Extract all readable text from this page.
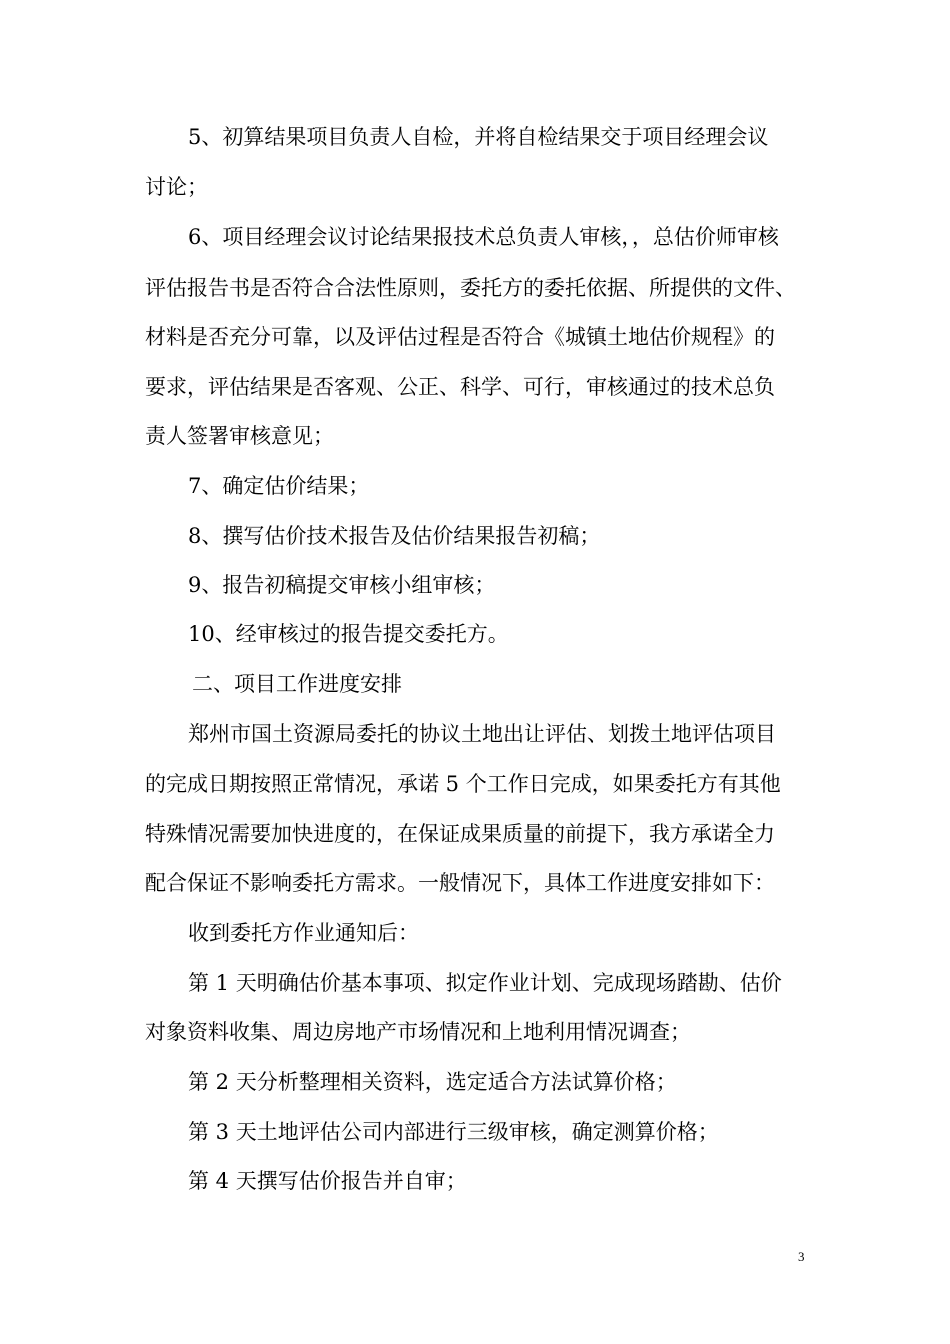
5、初算结果项目负责人自检，并将自检结果交于项目经理会议
讨论；
6、项目经理会议讨论结果报技术总负责人审核，，总估价师审核
评估报告书是否符合合法性原则，委托方的委托依据、所提供的文件、
材料是否充分可靠，以及评估过程是否符合《城镇土地估价规程》的
要求，评估结果是否客观、公正、科学、可行，审核通过的技术总负
责人签署审核意见；
7、确定估价结果；
8、撰写估价技术报告及估价结果报告初稿；
9、报告初稿提交审核小组审核；
10、经审核过的报告提交委托方。
二、项目工作进度安排
郑州市国土资源局委托的协议土地出让评估、划拨土地评估项目
的完成日期按照正常情况，承诺 5 个工作日完成，如果委托方有其他
特殊情况需要加快进度的，在保证成果质量的前提下，我方承诺全力
配合保证不影响委托方需求。一般情况下，具体工作进度安排如下：
收到委托方作业通知后：
第 1 天明确估价基本事项、拟定作业计划、完成现场踏勘、估价
对象资料收集、周边房地产市场情况和上地利用情况调查；
第 2 天分析整理相关资料，选定适合方法试算价格；
第 3 天土地评估公司内部进行三级审核，确定测算价格；
第 4 天撰写估价报告并自审；
3
